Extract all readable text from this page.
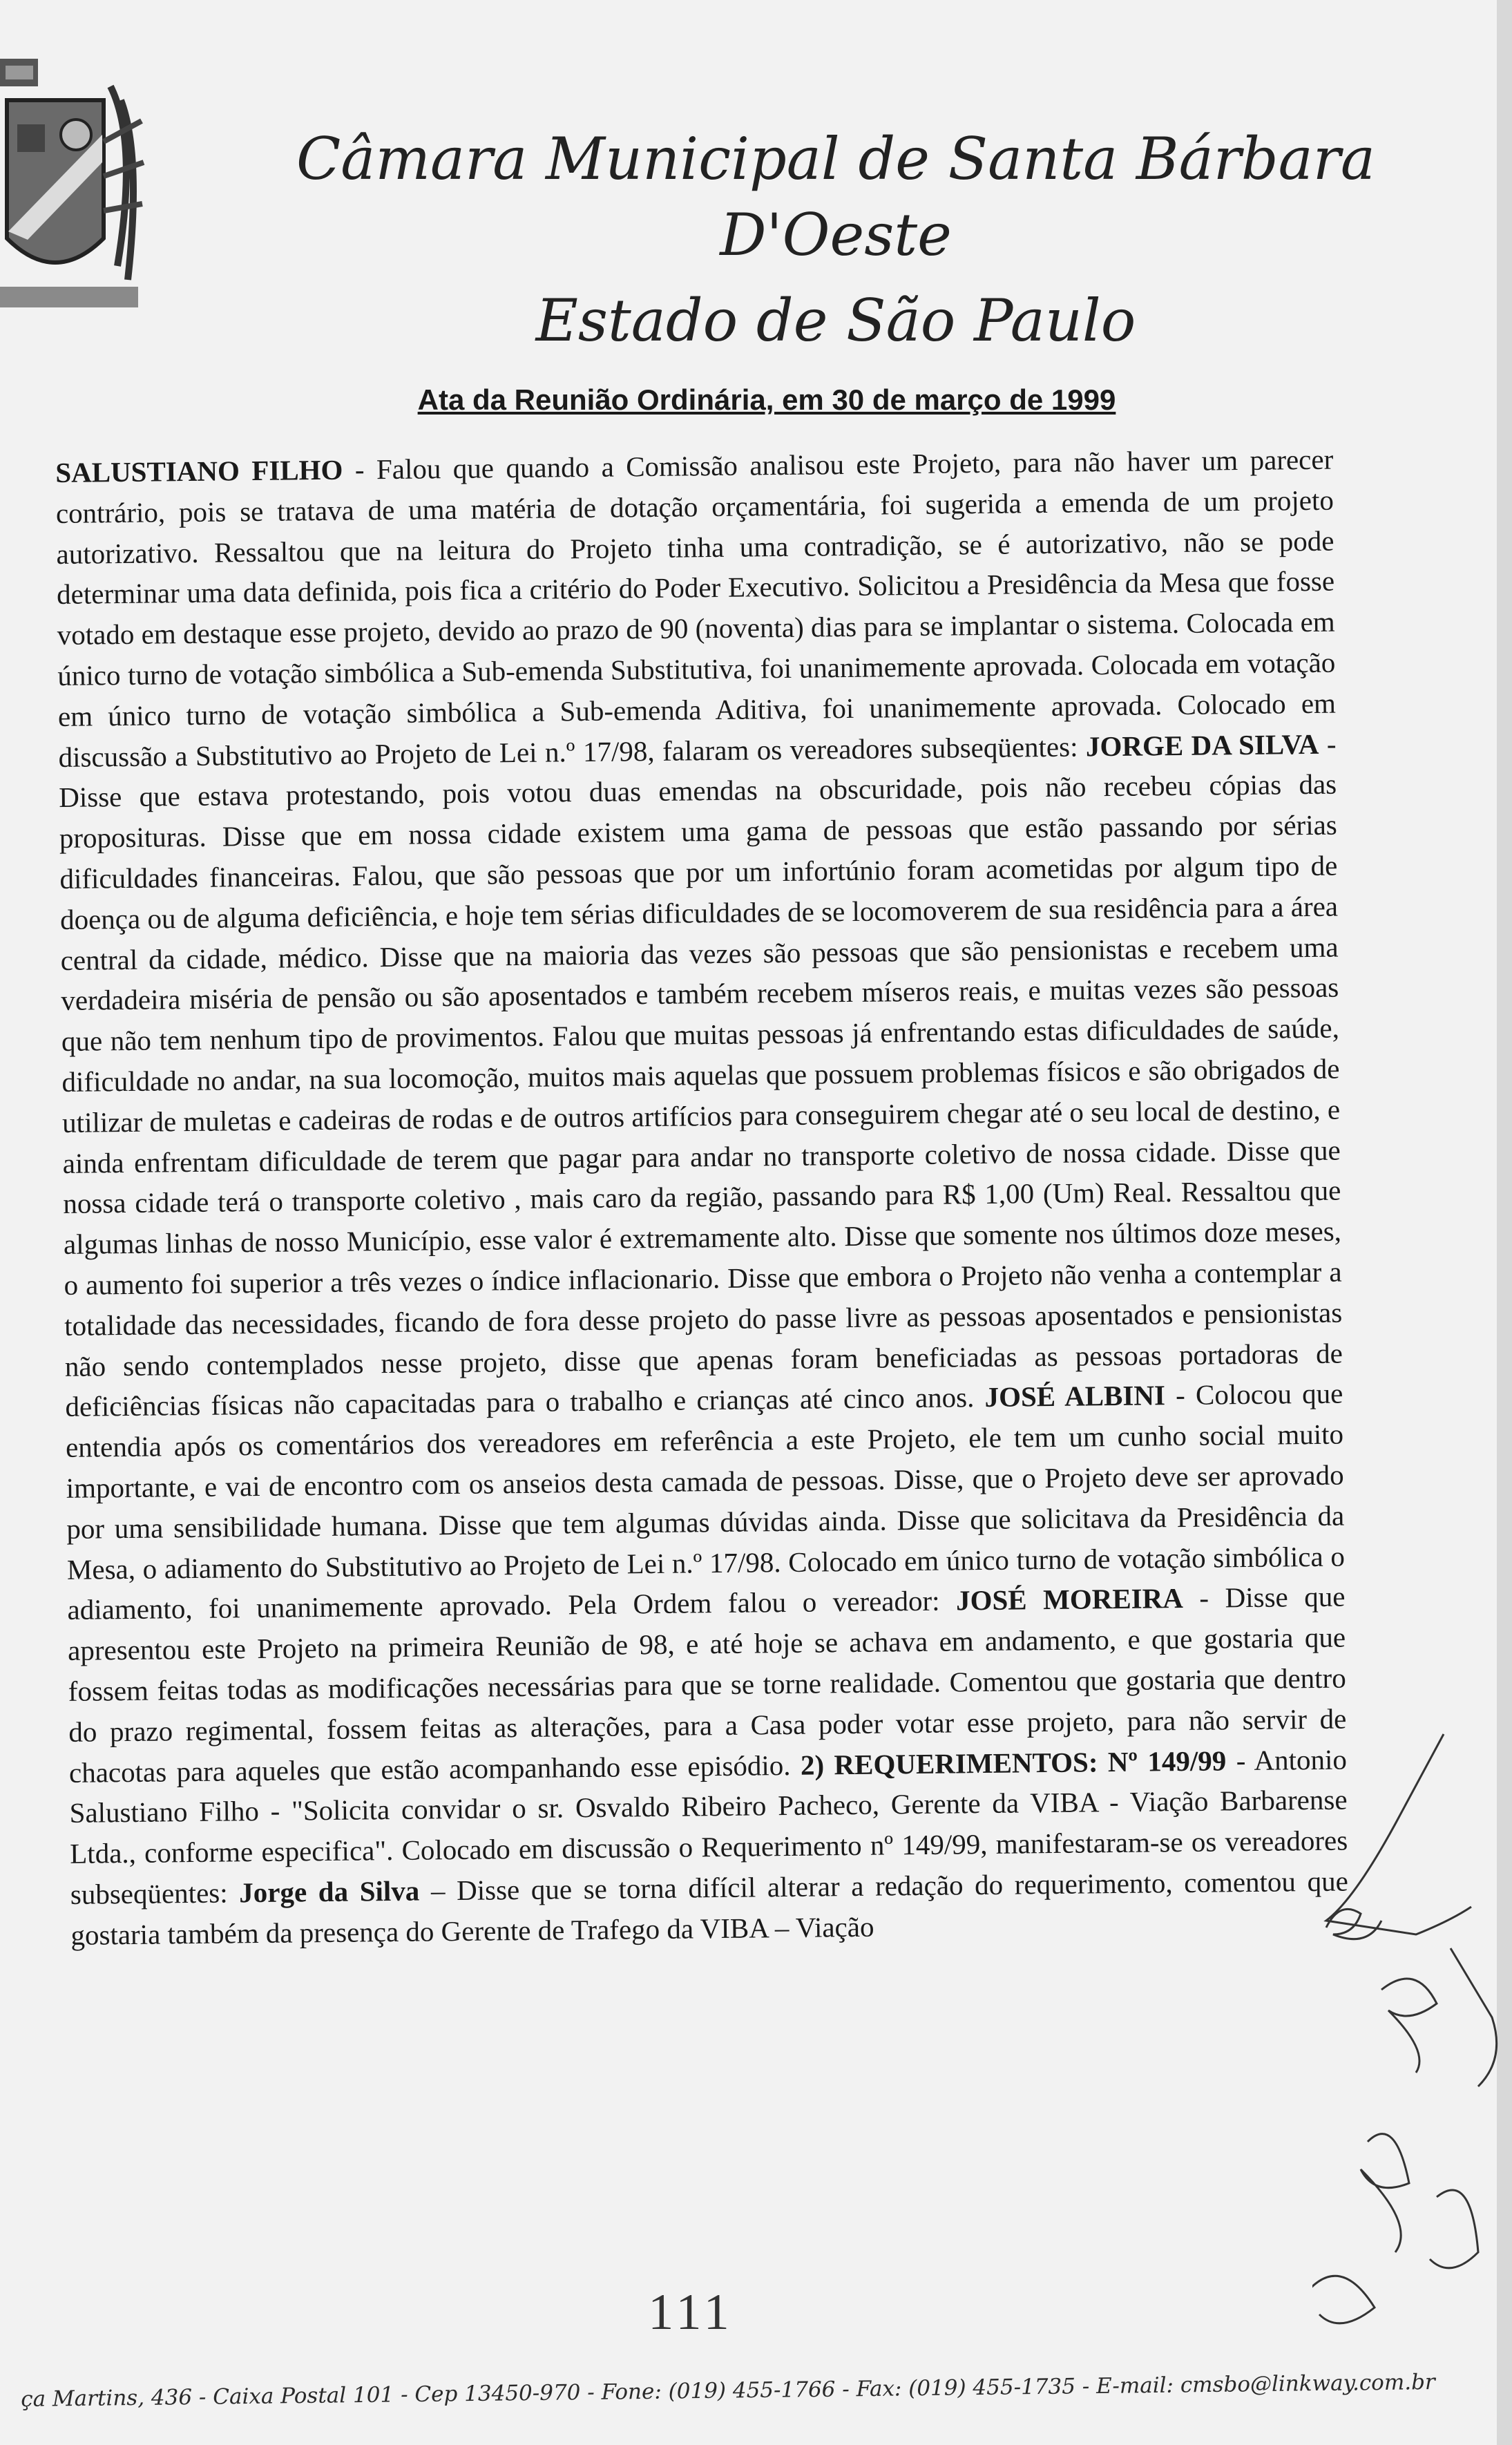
Câmara Municipal de Santa Bárbara D'Oeste
Estado de São Paulo
Ata da Reunião Ordinária, em 30 de março de 1999
SALUSTIANO FILHO - Falou que quando a Comissão analisou este Projeto, para não haver um parecer contrário, pois se tratava de uma matéria de dotação orçamentária, foi sugerida a emenda de um projeto autorizativo. Ressaltou que na leitura do Projeto tinha uma contradição, se é autorizativo, não se pode determinar uma data definida, pois fica a critério do Poder Executivo. Solicitou a Presidência da Mesa que fosse votado em destaque esse projeto, devido ao prazo de 90 (noventa) dias para se implantar o sistema. Colocada em único turno de votação simbólica a Sub-emenda Substitutiva, foi unanimemente aprovada. Colocada em votação em único turno de votação simbólica a Sub-emenda Aditiva, foi unanimemente aprovada. Colocado em discussão a Substitutivo ao Projeto de Lei n.º 17/98, falaram os vereadores subseqüentes: JORGE DA SILVA - Disse que estava protestando, pois votou duas emendas na obscuridade, pois não recebeu cópias das proposituras. Disse que em nossa cidade existem uma gama de pessoas que estão passando por sérias dificuldades financeiras. Falou, que são pessoas que por um infortúnio foram acometidas por algum tipo de doença ou de alguma deficiência, e hoje tem sérias dificuldades de se locomoverem de sua residência para a área central da cidade, médico. Disse que na maioria das vezes são pessoas que são pensionistas e recebem uma verdadeira miséria de pensão ou são aposentados e também recebem míseros reais, e muitas vezes são pessoas que não tem nenhum tipo de provimentos. Falou que muitas pessoas já enfrentando estas dificuldades de saúde, dificuldade no andar, na sua locomoção, muitos mais aquelas que possuem problemas físicos e são obrigados de utilizar de muletas e cadeiras de rodas e de outros artifícios para conseguirem chegar até o seu local de destino, e ainda enfrentam dificuldade de terem que pagar para andar no transporte coletivo de nossa cidade. Disse que nossa cidade terá o transporte coletivo , mais caro da região, passando para R$ 1,00 (Um) Real. Ressaltou que algumas linhas de nosso Município, esse valor é extremamente alto. Disse que somente nos últimos doze meses, o aumento foi superior a três vezes o índice inflacionario. Disse que embora o Projeto não venha a contemplar a totalidade das necessidades, ficando de fora desse projeto do passe livre as pessoas aposentados e pensionistas não sendo contemplados nesse projeto, disse que apenas foram beneficiadas as pessoas portadoras de deficiências físicas não capacitadas para o trabalho e crianças até cinco anos. JOSÉ ALBINI - Colocou que entendia após os comentários dos vereadores em referência a este Projeto, ele tem um cunho social muito importante, e vai de encontro com os anseios desta camada de pessoas. Disse, que o Projeto deve ser aprovado por uma sensibilidade humana. Disse que tem algumas dúvidas ainda. Disse que solicitava da Presidência da Mesa, o adiamento do Substitutivo ao Projeto de Lei n.º 17/98. Colocado em único turno de votação simbólica o adiamento, foi unanimemente aprovado. Pela Ordem falou o vereador: JOSÉ MOREIRA - Disse que apresentou este Projeto na primeira Reunião de 98, e até hoje se achava em andamento, e que gostaria que fossem feitas todas as modificações necessárias para que se torne realidade. Comentou que gostaria que dentro do prazo regimental, fossem feitas as alterações, para a Casa poder votar esse projeto, para não servir de chacotas para aqueles que estão acompanhando esse episódio. 2) REQUERIMENTOS: Nº 149/99 - Antonio Salustiano Filho - "Solicita convidar o sr. Osvaldo Ribeiro Pacheco, Gerente da VIBA - Viação Barbarense Ltda., conforme especifica". Colocado em discussão o Requerimento nº 149/99, manifestaram-se os vereadores subseqüentes: Jorge da Silva – Disse que se torna difícil alterar a redação do requerimento, comentou que gostaria também da presença do Gerente de Trafego da VIBA – Viação
111
ça Martins, 436 - Caixa Postal 101 - Cep 13450-970 - Fone: (019) 455-1766 - Fax: (019) 455-1735 - E-mail: cmsbo@linkway.com.br
